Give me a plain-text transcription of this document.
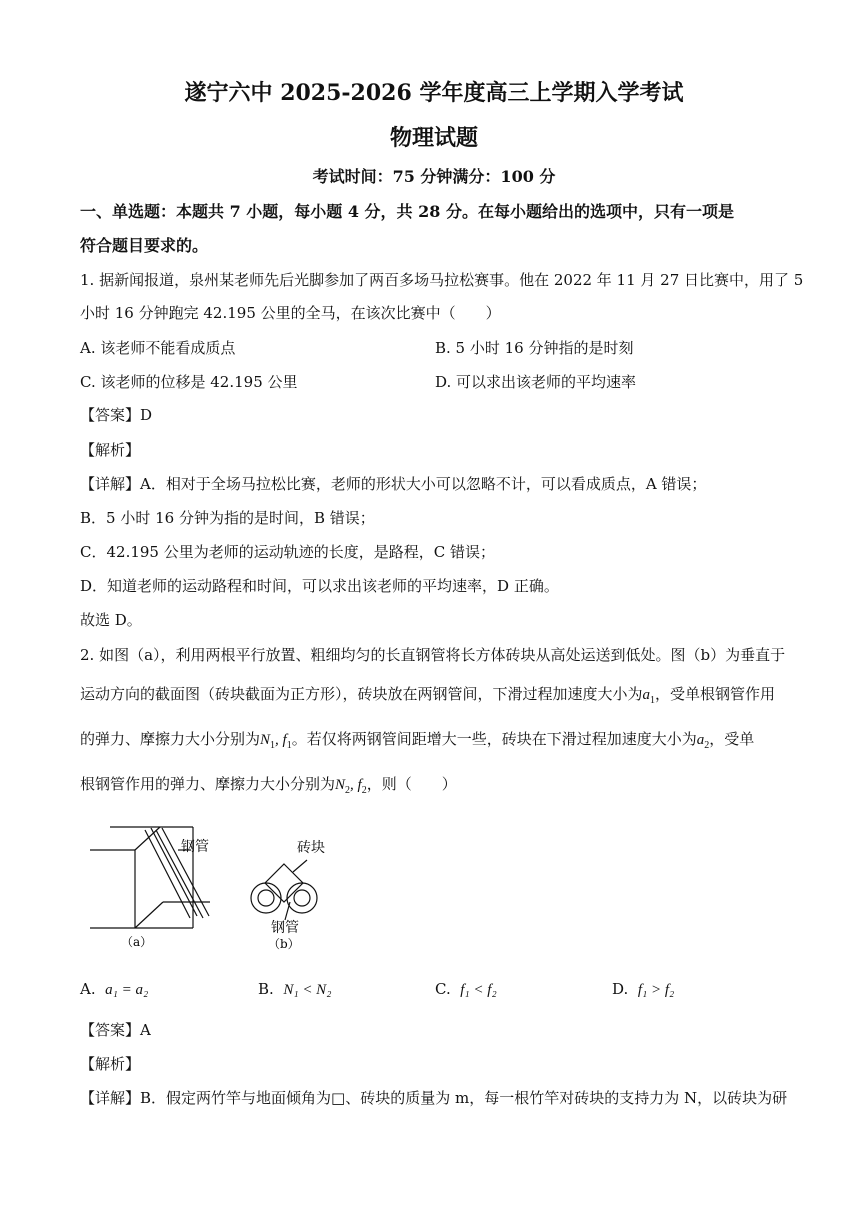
遂宁六中 2025-2026 学年度高三上学期入学考试
物理试题
考试时间：75 分钟满分：100 分
一、单选题：本题共 7 小题，每小题 4 分，共 28 分。在每小题给出的选项中，只有一项是
符合题目要求的。
1. 据新闻报道，泉州某老师先后光脚参加了两百多场马拉松赛事。他在 2022 年 11 月 27 日比赛中，用了 5
小时 16 分钟跑完 42.195 公里的全马，在该次比赛中（　　）
A. 该老师不能看成质点	B. 5 小时 16 分钟指的是时刻
C. 该老师的位移是 42.195 公里	D. 可以求出该老师的平均速率
【答案】D
【解析】
【详解】A．相对于全场马拉松比赛，老师的形状大小可以忽略不计，可以看成质点，A 错误；
B．5 小时 16 分钟为指的是时间，B 错误；
C．42.195 公里为老师的运动轨迹的长度，是路程，C 错误；
D．知道老师的运动路程和时间，可以求出该老师的平均速率，D 正确。
故选 D。
2. 如图（a），利用两根平行放置、粗细均匀的长直钢管将长方体砖块从高处运送到低处。图（b）为垂直于
运动方向的截面图（砖块截面为正方形），砖块放在两钢管间，下滑过程加速度大小为$a_1$，受单根钢管作用
的弹力、摩擦力大小分别为$N_1$, $f_1$。若仅将两钢管间距增大一些，砖块在下滑过程加速度大小为$a_2$，受单
根钢管作用的弹力、摩擦力大小分别为$N_2$, $f_2$，则（　　）
钢管
（a）
砖块
钢管
（b）
A. a₁ = a₂	B. N₁ < N₂	C. f₁ < f₂	D. f₁ > f₂
【答案】A
【解析】
【详解】B．假定两竹竿与地面倾角为□、砖块的质量为 m，每一根竹竿对砖块的支持力为 N，以砖块为研
